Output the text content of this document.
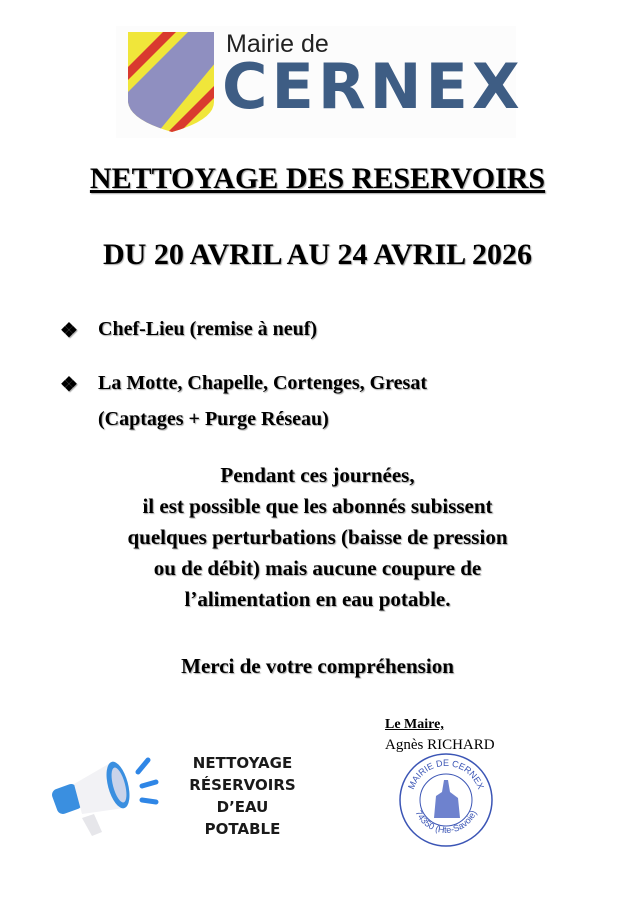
Mairie de
CERNEX
NETTOYAGE DES RESERVOIRS
DU 20 AVRIL AU 24 AVRIL 2026
❖ Chef-Lieu (remise à neuf)
❖ La Motte, Chapelle, Cortenges, Gresat
(Captages + Purge Réseau)
Pendant ces journées,
il est possible que les abonnés subissent
quelques perturbations (baisse de pression
ou de débit) mais aucune coupure de
l’alimentation en eau potable.
Merci de votre compréhension
NETTOYAGE
RÉSERVOIRS
D’EAU POTABLE
Le Maire,
Agnès RICHARD
MAIRIE DE CERNEX
74350 (Hte-Savoie)
